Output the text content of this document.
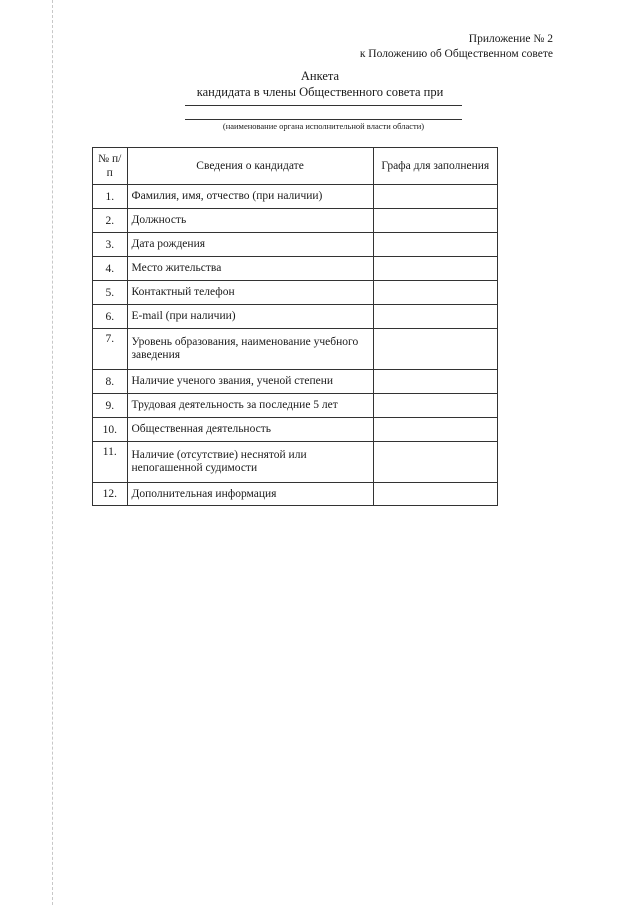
Приложение № 2
к Положению об Общественном совете
Анкета
кандидата в члены Общественного совета при
(наименование органа исполнительной власти области)
№ п/п	Сведения о кандидате	Графа для заполнения
1.	Фамилия, имя, отчество (при наличии)	
2.	Должность	
3.	Дата рождения	
4.	Место жительства	
5.	Контактный телефон	
6.	E-mail (при наличии)	
7.	Уровень образования, наименование учебного заведения	
8.	Наличие ученого звания, ученой степени	
9.	Трудовая деятельность за последние 5 лет	
10.	Общественная деятельность	
11.	Наличие (отсутствие) неснятой или непогашенной судимости	
12.	Дополнительная информация	
